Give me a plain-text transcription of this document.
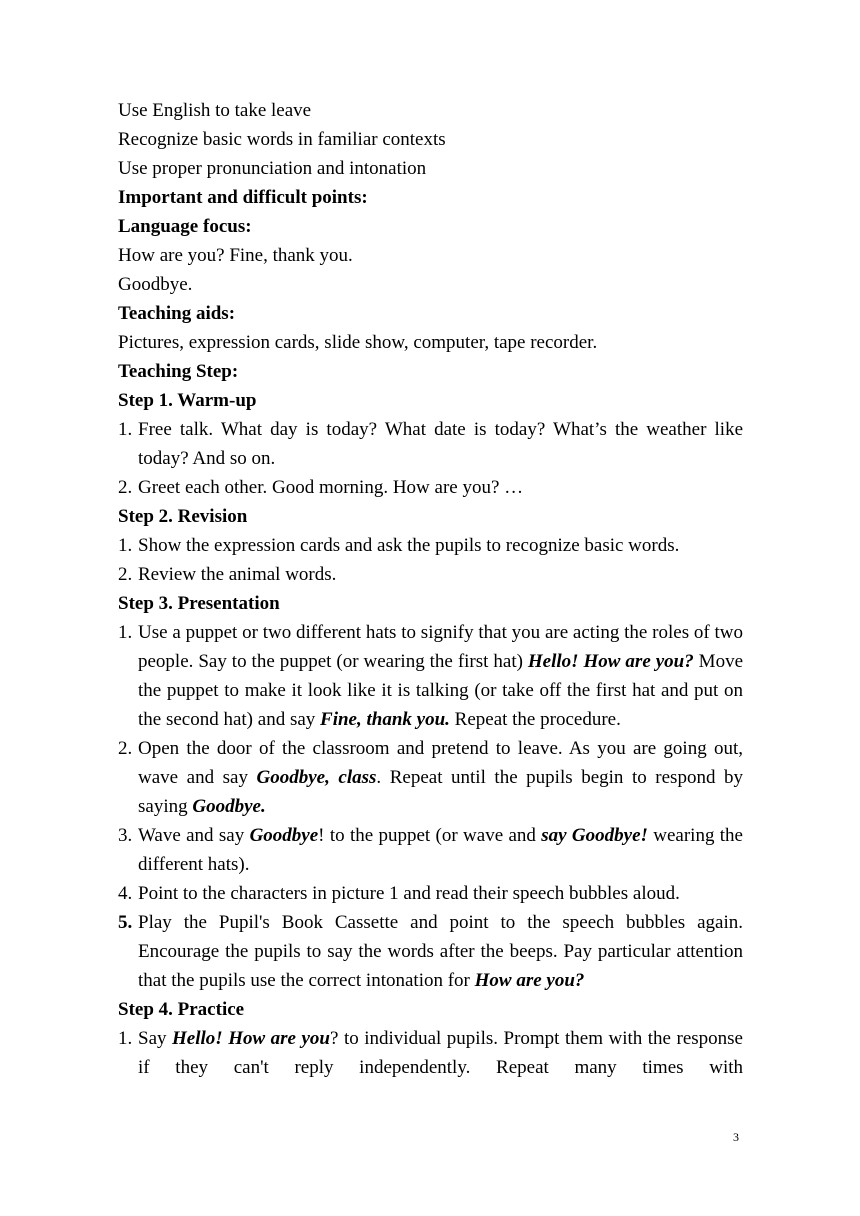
Use English to take leave
Recognize basic words in familiar contexts
Use proper pronunciation and intonation
Important and difficult points:
Language focus:
How are you? Fine, thank you.
Goodbye.
Teaching aids:
Pictures, expression cards, slide show, computer, tape recorder.
Teaching Step:
Step 1. Warm-up
1. Free talk. What day is today? What date is today? What’s the weather like today? And so on.
2. Greet each other. Good morning. How are you? …
Step 2. Revision
1. Show the expression cards and ask the pupils to recognize basic words.
2. Review the animal words.
Step 3. Presentation
1. Use a puppet or two different hats to signify that you are acting the roles of two people. Say to the puppet (or wearing the first hat) Hello! How are you? Move the puppet to make it look like it is talking (or take off the first hat and put on the second hat) and say Fine, thank you. Repeat the procedure.
2. Open the door of the classroom and pretend to leave. As you are going out, wave and say Goodbye, class. Repeat until the pupils begin to respond by saying Goodbye.
3. Wave and say Goodbye! to the puppet (or wave and say Goodbye! wearing the different hats).
4. Point to the characters in picture 1 and read their speech bubbles aloud.
5. Play the Pupil's Book Cassette and point to the speech bubbles again. Encourage the pupils to say the words after the beeps. Pay particular attention that the pupils use the correct intonation for How are you?
Step 4. Practice
1. Say Hello! How are you? to individual pupils. Prompt them with the response if they can't reply independently. Repeat many times with
3
